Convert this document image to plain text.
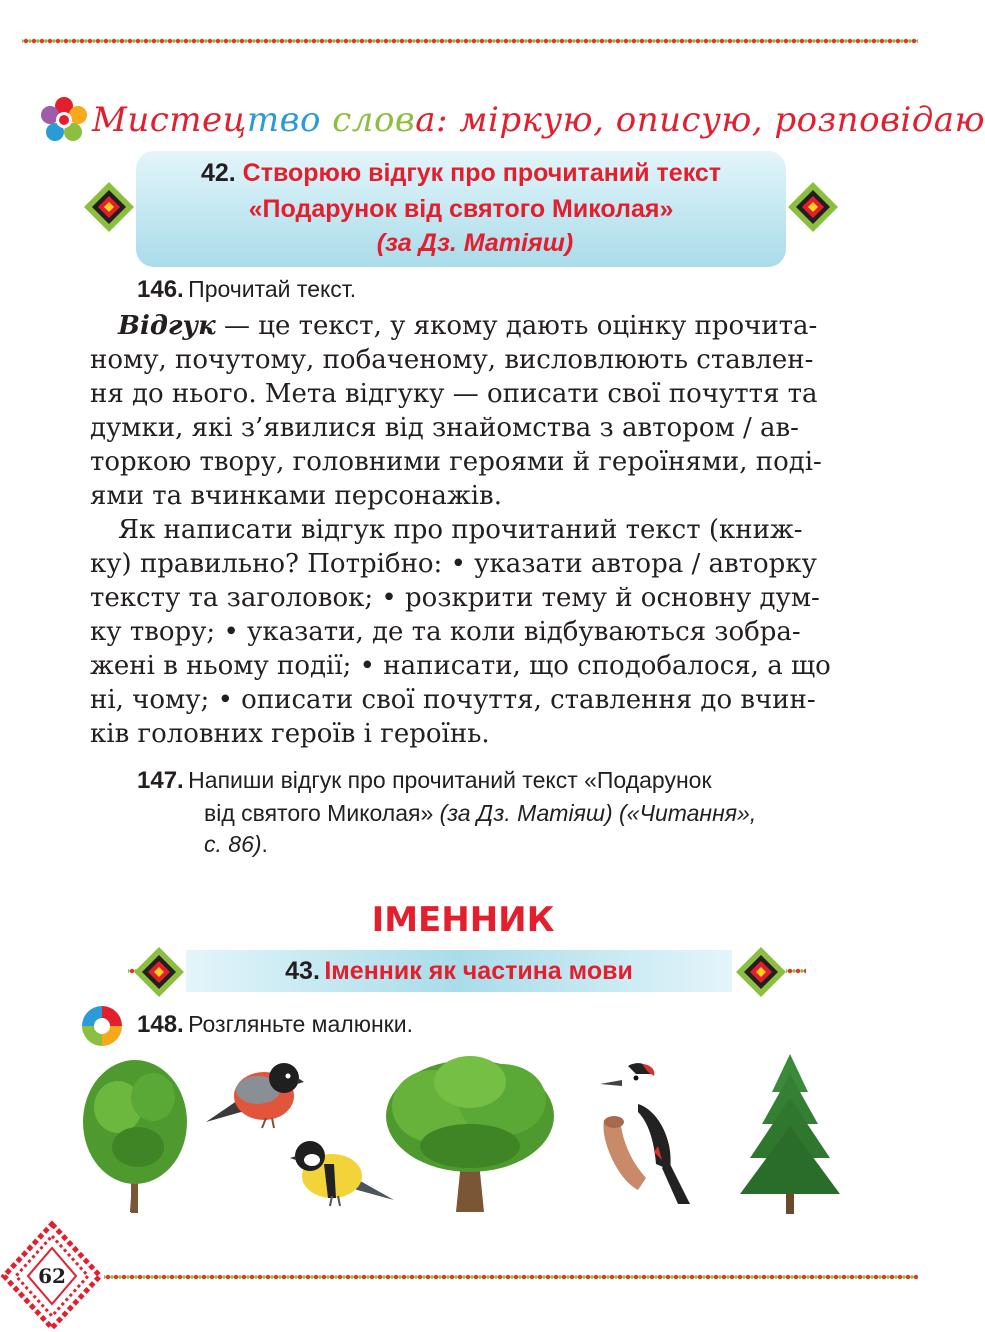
Мистецтво слова: міркую, описую, розповідаю
42. Створюю відгук про прочитаний текст
«Подарунок від святого Миколая»
(за Дз. Матіяш)
146. Прочитай текст.
Відгук — це текст, у якому дають оцінку прочита-
ному, почутому, побаченому, висловлюють ставлен-
ня до нього. Мета відгуку — описати свої почуття та
думки, які з’явилися від знайомства з автором / ав-
торкою твору, головними героями й героїнями, поді-
ями та вчинками персонажів.
Як написати відгук про прочитаний текст (книж-
ку) правильно? Потрібно: • указати автора / авторку
тексту та заголовок; • розкрити тему й основну дум-
ку твору; • указати, де та коли відбуваються зобра-
жені в ньому події; • написати, що сподобалося, а що
ні, чому; • описати свої почуття, ставлення до вчин-
ків головних героїв і героїнь.
147. Напиши відгук про прочитаний текст «Подарунок
від святого Миколая» (за Дз. Матіяш) («Читання»,
с. 86).
ІМЕННИК
43. Іменник як частина мови
148. Розгляньте малюнки.
62
